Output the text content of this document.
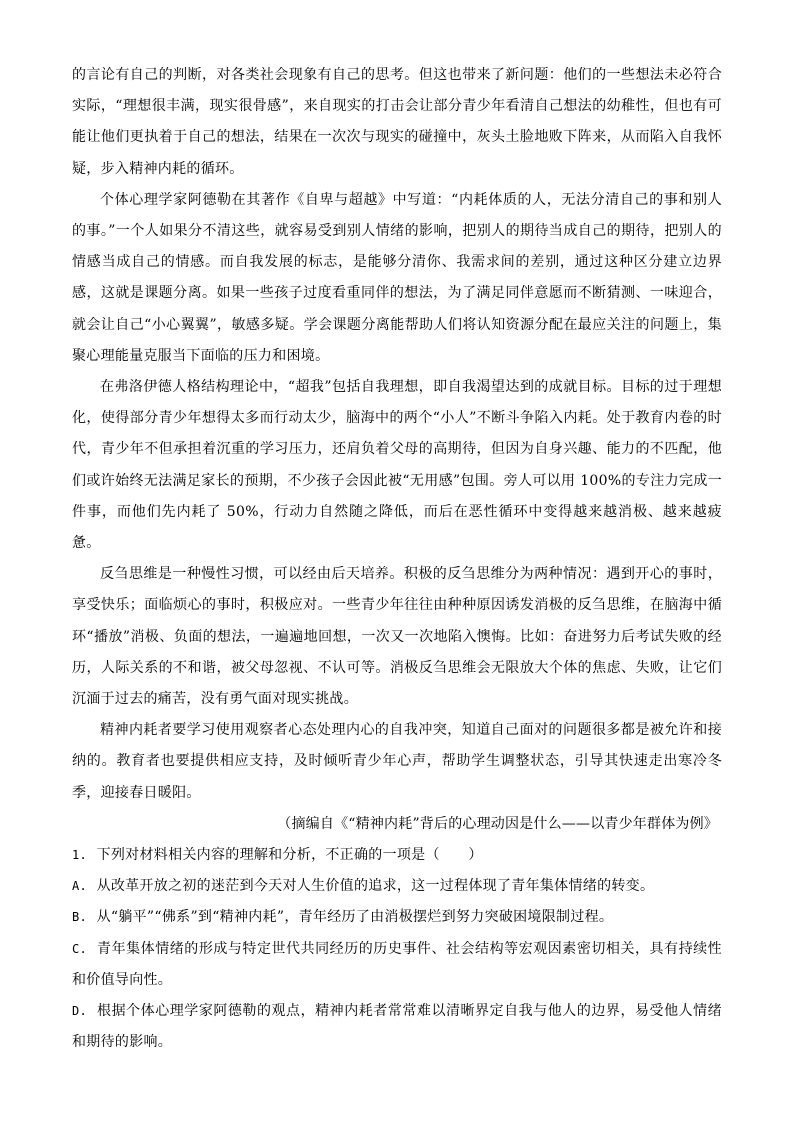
的言论有自己的判断，对各类社会现象有自己的思考。但这也带来了新问题：他们的一些想法未必符合实际，“理想很丰满，现实很骨感”，来自现实的打击会让部分青少年看清自己想法的幼稚性，但也有可能让他们更执着于自己的想法，结果在一次次与现实的碰撞中，灰头土脸地败下阵来，从而陷入自我怀疑，步入精神内耗的循环。

个体心理学家阿德勒在其著作《自卑与超越》中写道：“内耗体质的人，无法分清自己的事和别人的事。”一个人如果分不清这些，就容易受到别人情绪的影响，把别人的期待当成自己的期待，把别人的情感当成自己的情感。而自我发展的标志，是能够分清你、我需求间的差别，通过这种区分建立边界感，这就是课题分离。如果一些孩子过度看重同伴的想法，为了满足同伴意愿而不断猜测、一味迎合，就会让自己“小心翼翼”，敏感多疑。学会课题分离能帮助人们将认知资源分配在最应关注的问题上，集聚心理能量克服当下面临的压力和困境。

在弗洛伊德人格结构理论中，“超我”包括自我理想，即自我渴望达到的成就目标。目标的过于理想化，使得部分青少年想得太多而行动太少，脑海中的两个“小人”不断斗争陷入内耗。处于教育内卷的时代，青少年不但承担着沉重的学习压力，还肩负着父母的高期待，但因为自身兴趣、能力的不匹配，他们或许始终无法满足家长的预期，不少孩子会因此被“无用感”包围。旁人可以用 100%的专注力完成一件事，而他们先内耗了 50%，行动力自然随之降低，而后在恶性循环中变得越来越消极、越来越疲惫。

反刍思维是一种慢性习惯，可以经由后天培养。积极的反刍思维分为两种情况：遇到开心的事时，享受快乐；面临烦心的事时，积极应对。一些青少年往往由种种原因诱发消极的反刍思维，在脑海中循环“播放”消极、负面的想法，一遍遍地回想，一次又一次地陷入懊悔。比如：奋进努力后考试失败的经历，人际关系的不和谐，被父母忽视、不认可等。消极反刍思维会无限放大个体的焦虑、失败，让它们沉湎于过去的痛苦，没有勇气面对现实挑战。

精神内耗者要学习使用观察者心态处理内心的自我冲突，知道自己面对的问题很多都是被允许和接纳的。教育者也要提供相应支持，及时倾听青少年心声，帮助学生调整状态，引导其快速走出寒冷冬季，迎接春日暖阳。

（摘编自《“精神内耗”背后的心理动因是什么——以青少年群体为例》

1. 下列对材料相关内容的理解和分析，不正确的一项是（　　）

A. 从改革开放之初的迷茫到今天对人生价值的追求，这一过程体现了青年集体情绪的转变。
B. 从“躺平”“佛系”到“精神内耗”，青年经历了由消极摆烂到努力突破困境限制过程。
C. 青年集体情绪的形成与特定世代共同经历的历史事件、社会结构等宏观因素密切相关，具有持续性和价值导向性。
D. 根据个体心理学家阿德勒的观点，精神内耗者常常难以清晰界定自我与他人的边界，易受他人情绪和期待的影响。
